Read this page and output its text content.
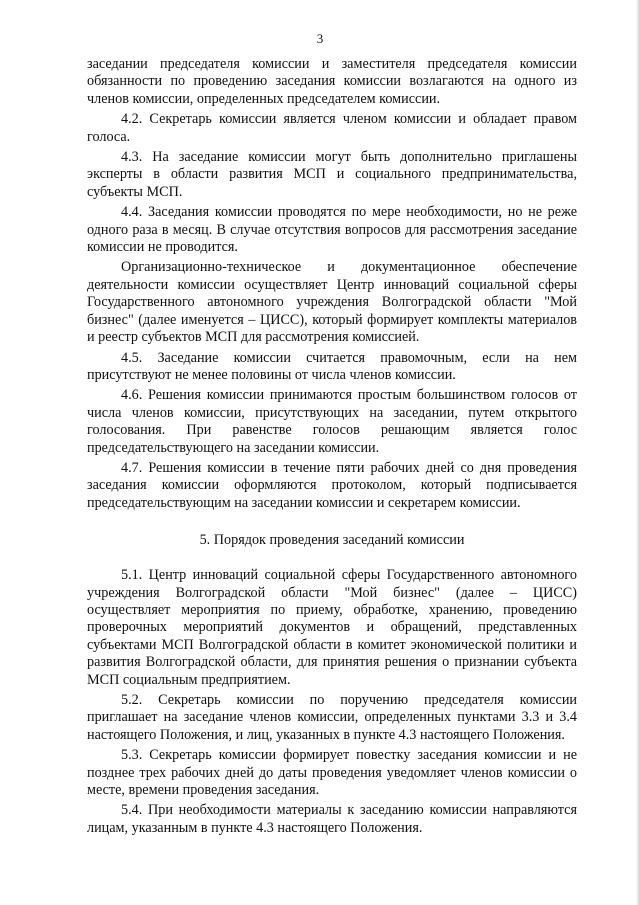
3

заседании председателя комиссии и заместителя председателя комиссии обязанности по проведению заседания комиссии возлагаются на одного из членов комиссии, определенных председателем комиссии.

4.2. Секретарь комиссии является членом комиссии и обладает правом голоса.

4.3. На заседание комиссии могут быть дополнительно приглашены эксперты в области развития МСП и социального предпринимательства, субъекты МСП.

4.4. Заседания комиссии проводятся по мере необходимости, но не реже одного раза в месяц. В случае отсутствия вопросов для рассмотрения заседание комиссии не проводится.

Организационно-техническое и документационное обеспечение деятельности комиссии осуществляет Центр инноваций социальной сферы Государственного автономного учреждения Волгоградской области "Мой бизнес" (далее именуется – ЦИСС), который формирует комплекты материалов и реестр субъектов МСП для рассмотрения комиссией.

4.5. Заседание комиссии считается правомочным, если на нем присутствуют не менее половины от числа членов комиссии.

4.6. Решения комиссии принимаются простым большинством голосов от числа членов комиссии, присутствующих на заседании, путем открытого голосования. При равенстве голосов решающим является голос председательствующего на заседании комиссии.

4.7. Решения комиссии в течение пяти рабочих дней со дня проведения заседания комиссии оформляются протоколом, который подписывается председательствующим на заседании комиссии и секретарем комиссии.

5. Порядок проведения заседаний комиссии

5.1. Центр инноваций социальной сферы Государственного автономного учреждения Волгоградской области "Мой бизнес" (далее – ЦИСС) осуществляет мероприятия по приему, обработке, хранению, проведению проверочных мероприятий документов и обращений, представленных субъектами МСП Волгоградской области в комитет экономической политики и развития Волгоградской области, для принятия решения о признании субъекта МСП социальным предприятием.

5.2. Секретарь комиссии по поручению председателя комиссии приглашает на заседание членов комиссии, определенных пунктами 3.3 и 3.4 настоящего Положения, и лиц, указанных в пункте 4.3 настоящего Положения.

5.3. Секретарь комиссии формирует повестку заседания комиссии и не позднее трех рабочих дней до даты проведения уведомляет членов комиссии о месте, времени проведения заседания.

5.4. При необходимости материалы к заседанию комиссии направляются лицам, указанным в пункте 4.3 настоящего Положения.
